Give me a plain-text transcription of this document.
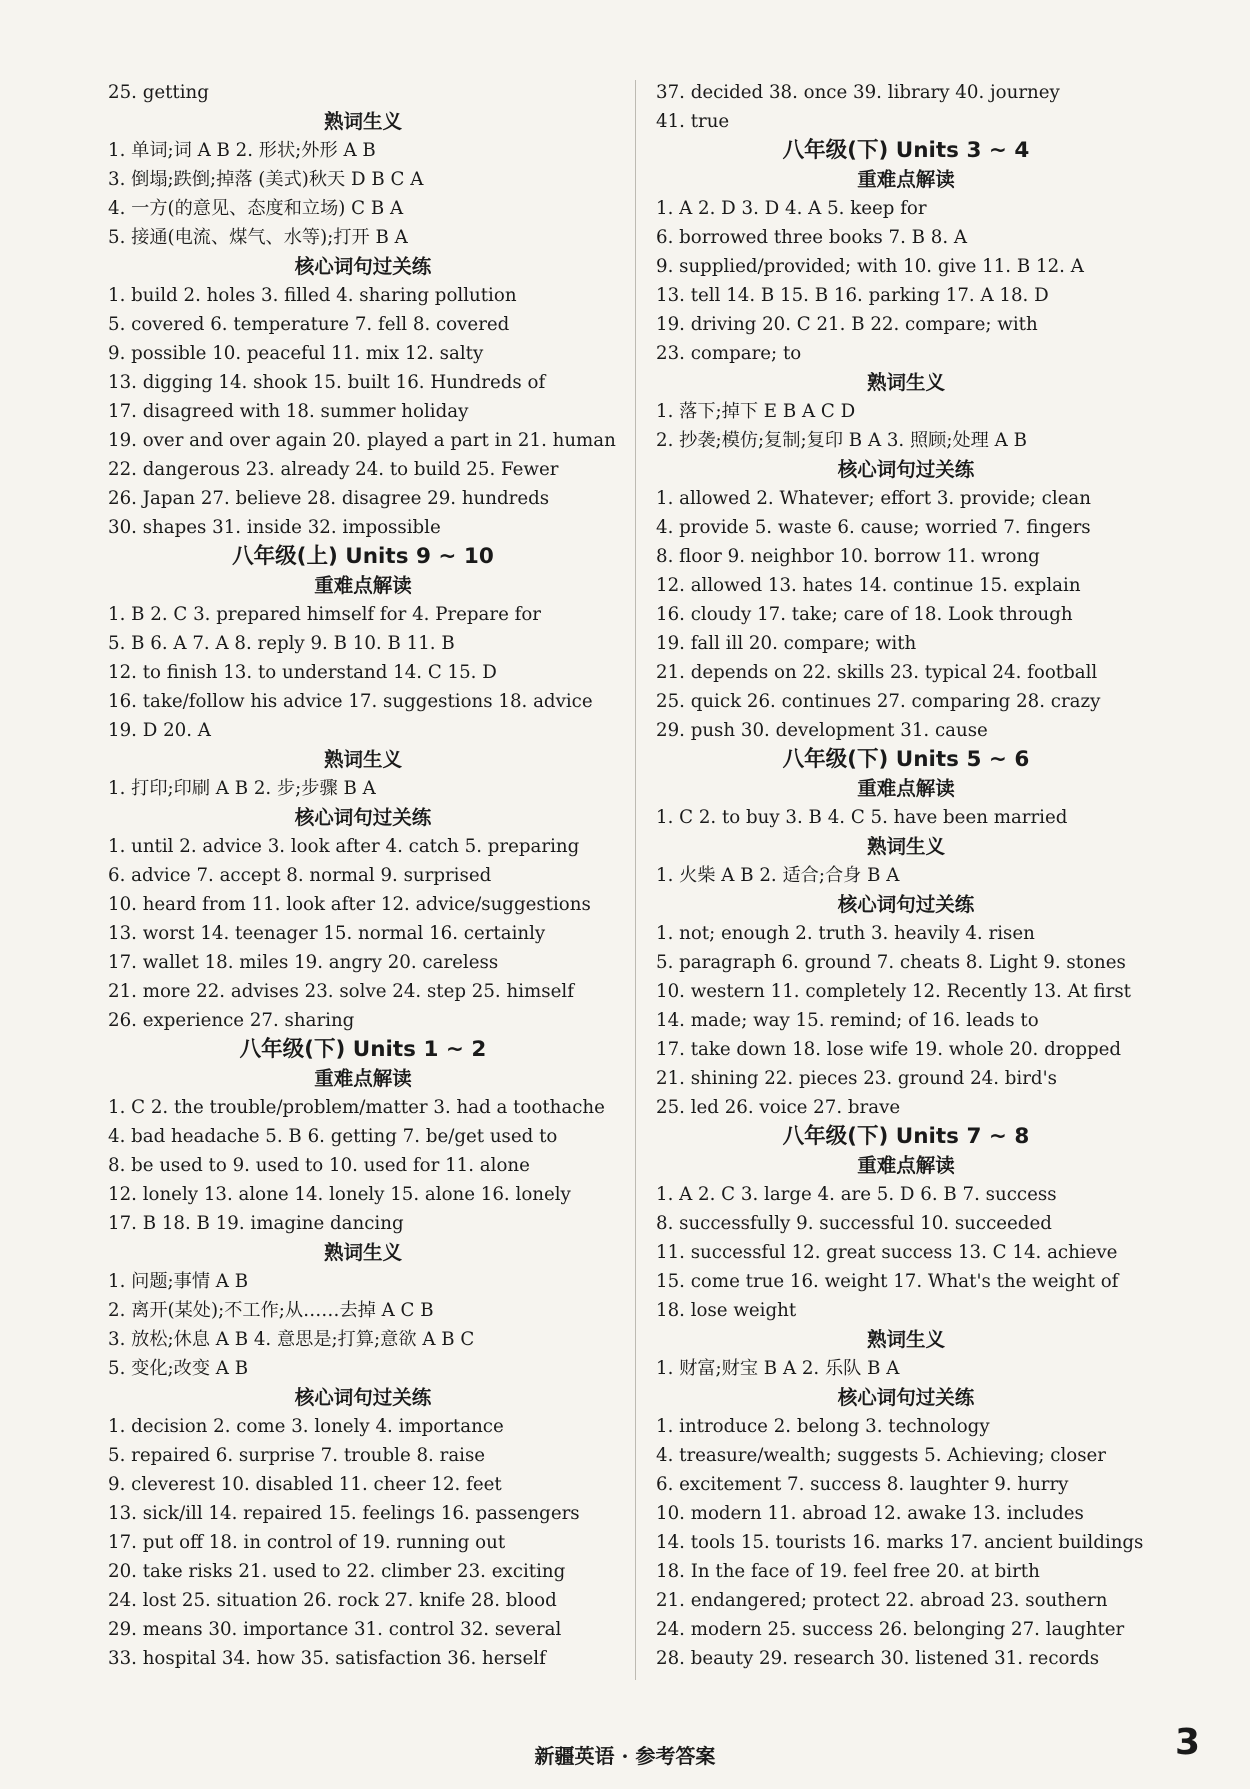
25. getting
熟词生义
1. 单词;词 A B 2. 形状;外形 A B
3. 倒塌;跌倒;掉落 (美式)秋天 D B C A
4. 一方(的意见、态度和立场) C B A
5. 接通(电流、煤气、水等);打开 B A
核心词句过关练
1. build 2. holes 3. filled 4. sharing pollution
5. covered 6. temperature 7. fell 8. covered
9. possible 10. peaceful 11. mix 12. salty
13. digging 14. shook 15. built 16. Hundreds of
17. disagreed with 18. summer holiday
19. over and over again 20. played a part in 21. human
22. dangerous 23. already 24. to build 25. Fewer
26. Japan 27. believe 28. disagree 29. hundreds
30. shapes 31. inside 32. impossible
八年级(上) Units 9 ~ 10
重难点解读
1. B 2. C 3. prepared himself for 4. Prepare for
5. B 6. A 7. A 8. reply 9. B 10. B 11. B
12. to finish 13. to understand 14. C 15. D
16. take/follow his advice 17. suggestions 18. advice
19. D 20. A
熟词生义
1. 打印;印刷 A B 2. 步;步骤 B A
核心词句过关练
1. until 2. advice 3. look after 4. catch 5. preparing
6. advice 7. accept 8. normal 9. surprised
10. heard from 11. look after 12. advice/suggestions
13. worst 14. teenager 15. normal 16. certainly
17. wallet 18. miles 19. angry 20. careless
21. more 22. advises 23. solve 24. step 25. himself
26. experience 27. sharing
八年级(下) Units 1 ~ 2
重难点解读
1. C 2. the trouble/problem/matter 3. had a toothache
4. bad headache 5. B 6. getting 7. be/get used to
8. be used to 9. used to 10. used for 11. alone
12. lonely 13. alone 14. lonely 15. alone 16. lonely
17. B 18. B 19. imagine dancing
熟词生义
1. 问题;事情 A B
2. 离开(某处);不工作;从……去掉 A C B
3. 放松;休息 A B 4. 意思是;打算;意欲 A B C
5. 变化;改变 A B
核心词句过关练
1. decision 2. come 3. lonely 4. importance
5. repaired 6. surprise 7. trouble 8. raise
9. cleverest 10. disabled 11. cheer 12. feet
13. sick/ill 14. repaired 15. feelings 16. passengers
17. put off 18. in control of 19. running out
20. take risks 21. used to 22. climber 23. exciting
24. lost 25. situation 26. rock 27. knife 28. blood
29. means 30. importance 31. control 32. several
33. hospital 34. how 35. satisfaction 36. herself
37. decided 38. once 39. library 40. journey
41. true
八年级(下) Units 3 ~ 4
重难点解读
1. A 2. D 3. D 4. A 5. keep for
6. borrowed three books 7. B 8. A
9. supplied/provided; with 10. give 11. B 12. A
13. tell 14. B 15. B 16. parking 17. A 18. D
19. driving 20. C 21. B 22. compare; with
23. compare; to
熟词生义
1. 落下;掉下 E B A C D
2. 抄袭;模仿;复制;复印 B A 3. 照顾;处理 A B
核心词句过关练
1. allowed 2. Whatever; effort 3. provide; clean
4. provide 5. waste 6. cause; worried 7. fingers
8. floor 9. neighbor 10. borrow 11. wrong
12. allowed 13. hates 14. continue 15. explain
16. cloudy 17. take; care of 18. Look through
19. fall ill 20. compare; with
21. depends on 22. skills 23. typical 24. football
25. quick 26. continues 27. comparing 28. crazy
29. push 30. development 31. cause
八年级(下) Units 5 ~ 6
重难点解读
1. C 2. to buy 3. B 4. C 5. have been married
熟词生义
1. 火柴 A B 2. 适合;合身 B A
核心词句过关练
1. not; enough 2. truth 3. heavily 4. risen
5. paragraph 6. ground 7. cheats 8. Light 9. stones
10. western 11. completely 12. Recently 13. At first
14. made; way 15. remind; of 16. leads to
17. take down 18. lose wife 19. whole 20. dropped
21. shining 22. pieces 23. ground 24. bird's
25. led 26. voice 27. brave
八年级(下) Units 7 ~ 8
重难点解读
1. A 2. C 3. large 4. are 5. D 6. B 7. success
8. successfully 9. successful 10. succeeded
11. successful 12. great success 13. C 14. achieve
15. come true 16. weight 17. What's the weight of
18. lose weight
熟词生义
1. 财富;财宝 B A 2. 乐队 B A
核心词句过关练
1. introduce 2. belong 3. technology
4. treasure/wealth; suggests 5. Achieving; closer
6. excitement 7. success 8. laughter 9. hurry
10. modern 11. abroad 12. awake 13. includes
14. tools 15. tourists 16. marks 17. ancient buildings
18. In the face of 19. feel free 20. at birth
21. endangered; protect 22. abroad 23. southern
24. modern 25. success 26. belonging 27. laughter
28. beauty 29. research 30. listened 31. records
新疆英语 · 参考答案	3
